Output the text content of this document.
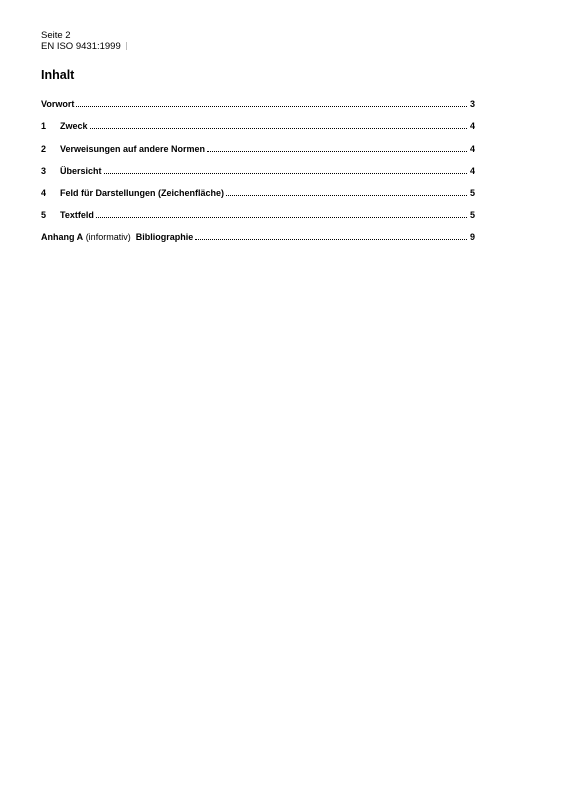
Seite 2
EN ISO 9431:1999
Inhalt
Vorwort	3
1	Zweck	4
2	Verweisungen auf andere Normen	4
3	Übersicht	4
4	Feld für Darstellungen (Zeichenfläche)	5
5	Textfeld	5
Anhang A (informativ) Bibliographie	9
